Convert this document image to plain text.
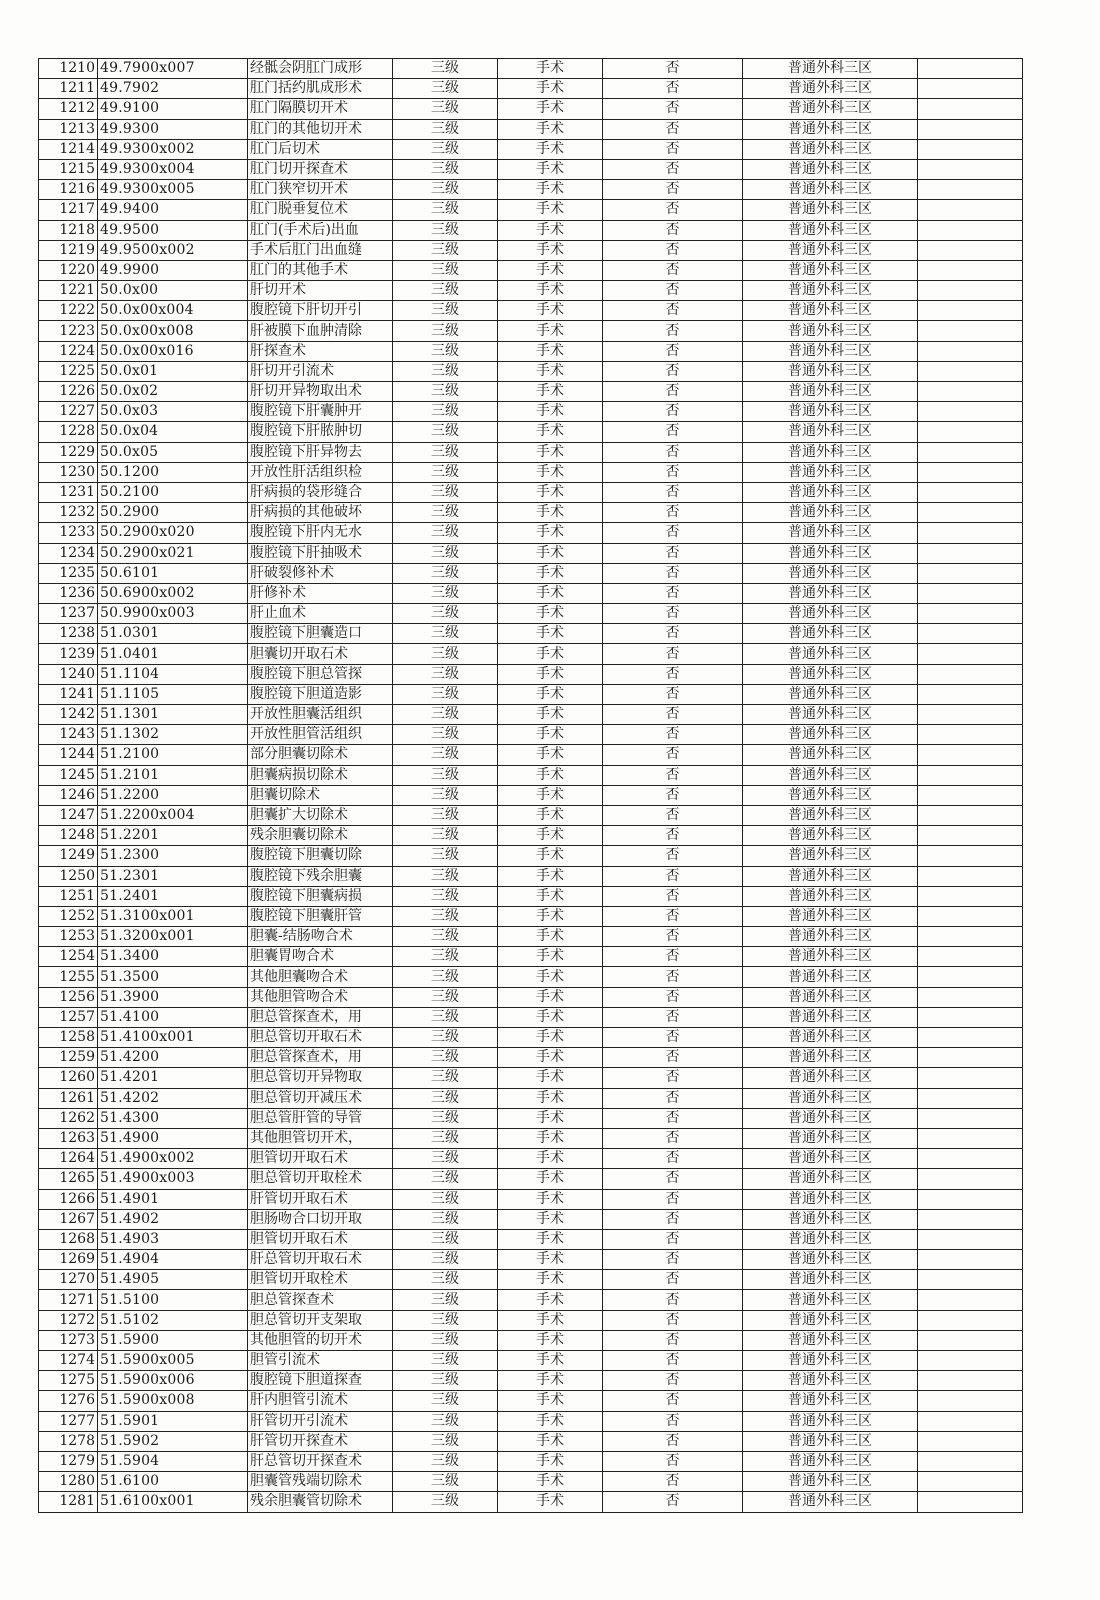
1210	49.7900x007	经骶会阴肛门成形	三级	手术	否	普通外科三区	
1211	49.7902	肛门括约肌成形术	三级	手术	否	普通外科三区	
1212	49.9100	肛门隔膜切开术	三级	手术	否	普通外科三区	
1213	49.9300	肛门的其他切开术	三级	手术	否	普通外科三区	
1214	49.9300x002	肛门后切术	三级	手术	否	普通外科三区	
1215	49.9300x004	肛门切开探查术	三级	手术	否	普通外科三区	
1216	49.9300x005	肛门狭窄切开术	三级	手术	否	普通外科三区	
1217	49.9400	肛门脱垂复位术	三级	手术	否	普通外科三区	
1218	49.9500	肛门(手术后)出血	三级	手术	否	普通外科三区	
1219	49.9500x002	手术后肛门出血缝	三级	手术	否	普通外科三区	
1220	49.9900	肛门的其他手术	三级	手术	否	普通外科三区	
1221	50.0x00	肝切开术	三级	手术	否	普通外科三区	
1222	50.0x00x004	腹腔镜下肝切开引	三级	手术	否	普通外科三区	
1223	50.0x00x008	肝被膜下血肿清除	三级	手术	否	普通外科三区	
1224	50.0x00x016	肝探查术	三级	手术	否	普通外科三区	
1225	50.0x01	肝切开引流术	三级	手术	否	普通外科三区	
1226	50.0x02	肝切开异物取出术	三级	手术	否	普通外科三区	
1227	50.0x03	腹腔镜下肝囊肿开	三级	手术	否	普通外科三区	
1228	50.0x04	腹腔镜下肝脓肿切	三级	手术	否	普通外科三区	
1229	50.0x05	腹腔镜下肝异物去	三级	手术	否	普通外科三区	
1230	50.1200	开放性肝活组织检	三级	手术	否	普通外科三区	
1231	50.2100	肝病损的袋形缝合	三级	手术	否	普通外科三区	
1232	50.2900	肝病损的其他破坏	三级	手术	否	普通外科三区	
1233	50.2900x020	腹腔镜下肝内无水	三级	手术	否	普通外科三区	
1234	50.2900x021	腹腔镜下肝抽吸术	三级	手术	否	普通外科三区	
1235	50.6101	肝破裂修补术	三级	手术	否	普通外科三区	
1236	50.6900x002	肝修补术	三级	手术	否	普通外科三区	
1237	50.9900x003	肝止血术	三级	手术	否	普通外科三区	
1238	51.0301	腹腔镜下胆囊造口	三级	手术	否	普通外科三区	
1239	51.0401	胆囊切开取石术	三级	手术	否	普通外科三区	
1240	51.1104	腹腔镜下胆总管探	三级	手术	否	普通外科三区	
1241	51.1105	腹腔镜下胆道造影	三级	手术	否	普通外科三区	
1242	51.1301	开放性胆囊活组织	三级	手术	否	普通外科三区	
1243	51.1302	开放性胆管活组织	三级	手术	否	普通外科三区	
1244	51.2100	部分胆囊切除术	三级	手术	否	普通外科三区	
1245	51.2101	胆囊病损切除术	三级	手术	否	普通外科三区	
1246	51.2200	胆囊切除术	三级	手术	否	普通外科三区	
1247	51.2200x004	胆囊扩大切除术	三级	手术	否	普通外科三区	
1248	51.2201	残余胆囊切除术	三级	手术	否	普通外科三区	
1249	51.2300	腹腔镜下胆囊切除	三级	手术	否	普通外科三区	
1250	51.2301	腹腔镜下残余胆囊	三级	手术	否	普通外科三区	
1251	51.2401	腹腔镜下胆囊病损	三级	手术	否	普通外科三区	
1252	51.3100x001	腹腔镜下胆囊肝管	三级	手术	否	普通外科三区	
1253	51.3200x001	胆囊-结肠吻合术	三级	手术	否	普通外科三区	
1254	51.3400	胆囊胃吻合术	三级	手术	否	普通外科三区	
1255	51.3500	其他胆囊吻合术	三级	手术	否	普通外科三区	
1256	51.3900	其他胆管吻合术	三级	手术	否	普通外科三区	
1257	51.4100	胆总管探查术，用	三级	手术	否	普通外科三区	
1258	51.4100x001	胆总管切开取石术	三级	手术	否	普通外科三区	
1259	51.4200	胆总管探查术，用	三级	手术	否	普通外科三区	
1260	51.4201	胆总管切开异物取	三级	手术	否	普通外科三区	
1261	51.4202	胆总管切开减压术	三级	手术	否	普通外科三区	
1262	51.4300	胆总管肝管的导管	三级	手术	否	普通外科三区	
1263	51.4900	其他胆管切开术，	三级	手术	否	普通外科三区	
1264	51.4900x002	胆管切开取石术	三级	手术	否	普通外科三区	
1265	51.4900x003	胆总管切开取栓术	三级	手术	否	普通外科三区	
1266	51.4901	肝管切开取石术	三级	手术	否	普通外科三区	
1267	51.4902	胆肠吻合口切开取	三级	手术	否	普通外科三区	
1268	51.4903	胆管切开取石术	三级	手术	否	普通外科三区	
1269	51.4904	肝总管切开取石术	三级	手术	否	普通外科三区	
1270	51.4905	胆管切开取栓术	三级	手术	否	普通外科三区	
1271	51.5100	胆总管探查术	三级	手术	否	普通外科三区	
1272	51.5102	胆总管切开支架取	三级	手术	否	普通外科三区	
1273	51.5900	其他胆管的切开术	三级	手术	否	普通外科三区	
1274	51.5900x005	胆管引流术	三级	手术	否	普通外科三区	
1275	51.5900x006	腹腔镜下胆道探查	三级	手术	否	普通外科三区	
1276	51.5900x008	肝内胆管引流术	三级	手术	否	普通外科三区	
1277	51.5901	肝管切开引流术	三级	手术	否	普通外科三区	
1278	51.5902	肝管切开探查术	三级	手术	否	普通外科三区	
1279	51.5904	肝总管切开探查术	三级	手术	否	普通外科三区	
1280	51.6100	胆囊管残端切除术	三级	手术	否	普通外科三区	
1281	51.6100x001	残余胆囊管切除术	三级	手术	否	普通外科三区	
